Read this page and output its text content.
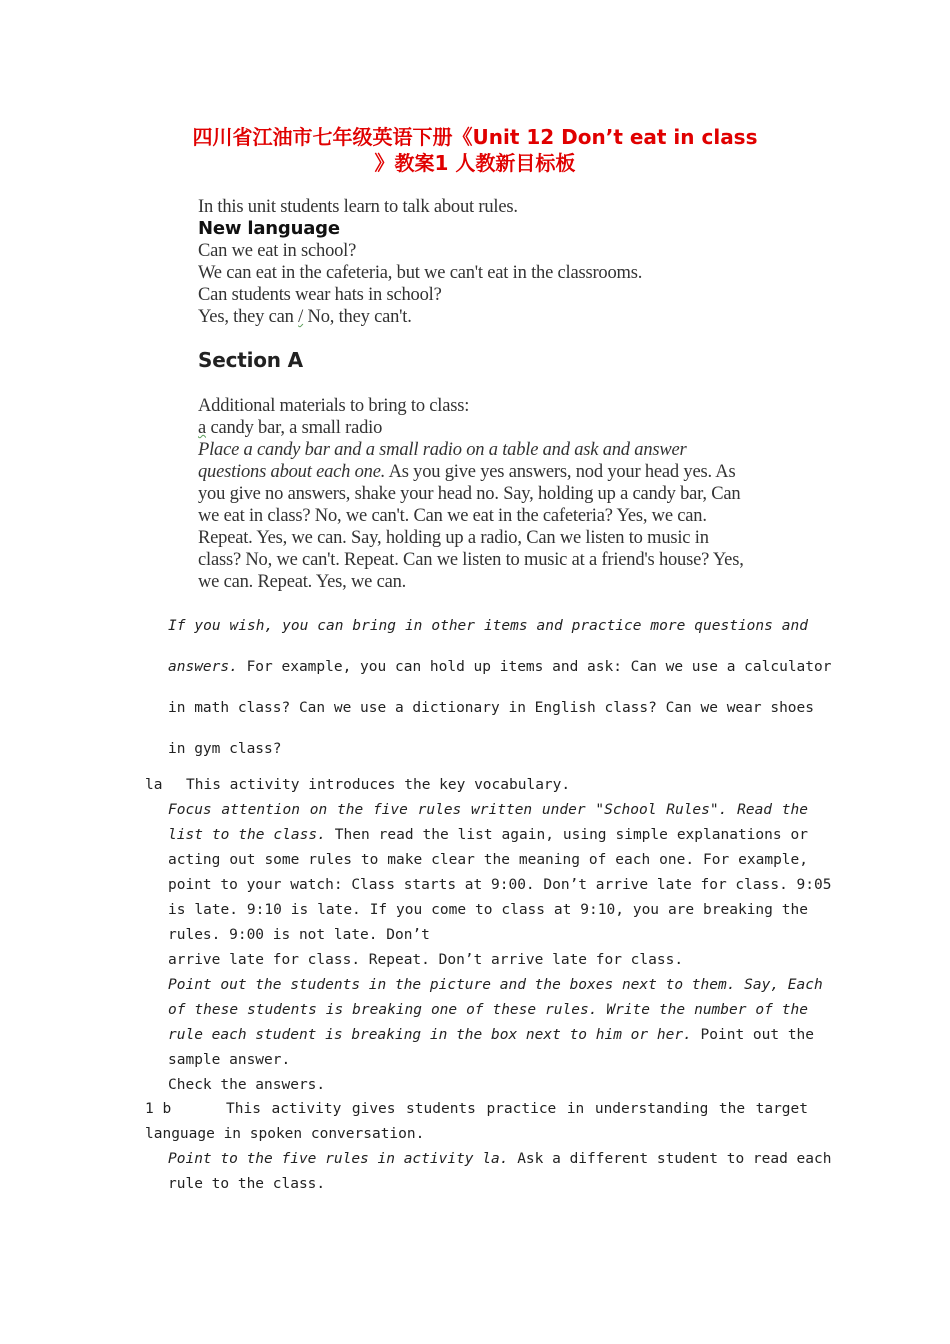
四川省江油市七年级英语下册《Unit 12 Don’t eat in class
》教案1 人教新目标板
In this unit students learn to talk about rules.
New language
Can we eat in school?
We can eat in the cafeteria, but we can't eat in the classrooms.
Can students wear hats in school?
Yes, they can / No, they can't.
Section A
Additional materials to bring to class:
a candy bar, a small radio
Place a candy bar and a small radio on a table and ask and answer
questions about each one. As you give yes answers, nod your head yes. As
you give no answers, shake your head no. Say, holding up a candy bar, Can
we eat in class? No, we can't. Can we eat in the cafeteria? Yes, we can.
Repeat. Yes, we can. Say, holding up a radio, Can we listen to music in
class? No, we can't. Repeat. Can we listen to music at a friend's house? Yes,
we can. Repeat. Yes, we can.
If you wish, you can bring in other items and practice more questions and
answers. For example, you can hold up items and ask: Can we use a calculator
in math class? Can we use a dictionary in English class? Can we wear shoes
in gym class?
la This activity introduces the key vocabulary.
Focus attention on the five rules written under "School Rules". Read the
list to the class. Then read the list again, using simple explanations or
acting out some rules to make clear the meaning of each one. For example,
point to your watch: Class starts at 9:00. Don’t arrive late for class. 9:05
is late. 9:10 is late. If you come to class at 9:10, you are breaking the
rules. 9:00 is not late. Don’t
arrive late for class. Repeat. Don’t arrive late for class.
Point out the students in the picture and the boxes next to them. Say, Each
of these students is breaking one of these rules. Write the number of the
rule each student is breaking in the box next to him or her. Point out the
sample answer.
Check the answers.
1 b	This activity gives students practice in understanding the target
language in spoken conversation.
Point to the five rules in activity la. Ask a different student to read each
rule to the class.
